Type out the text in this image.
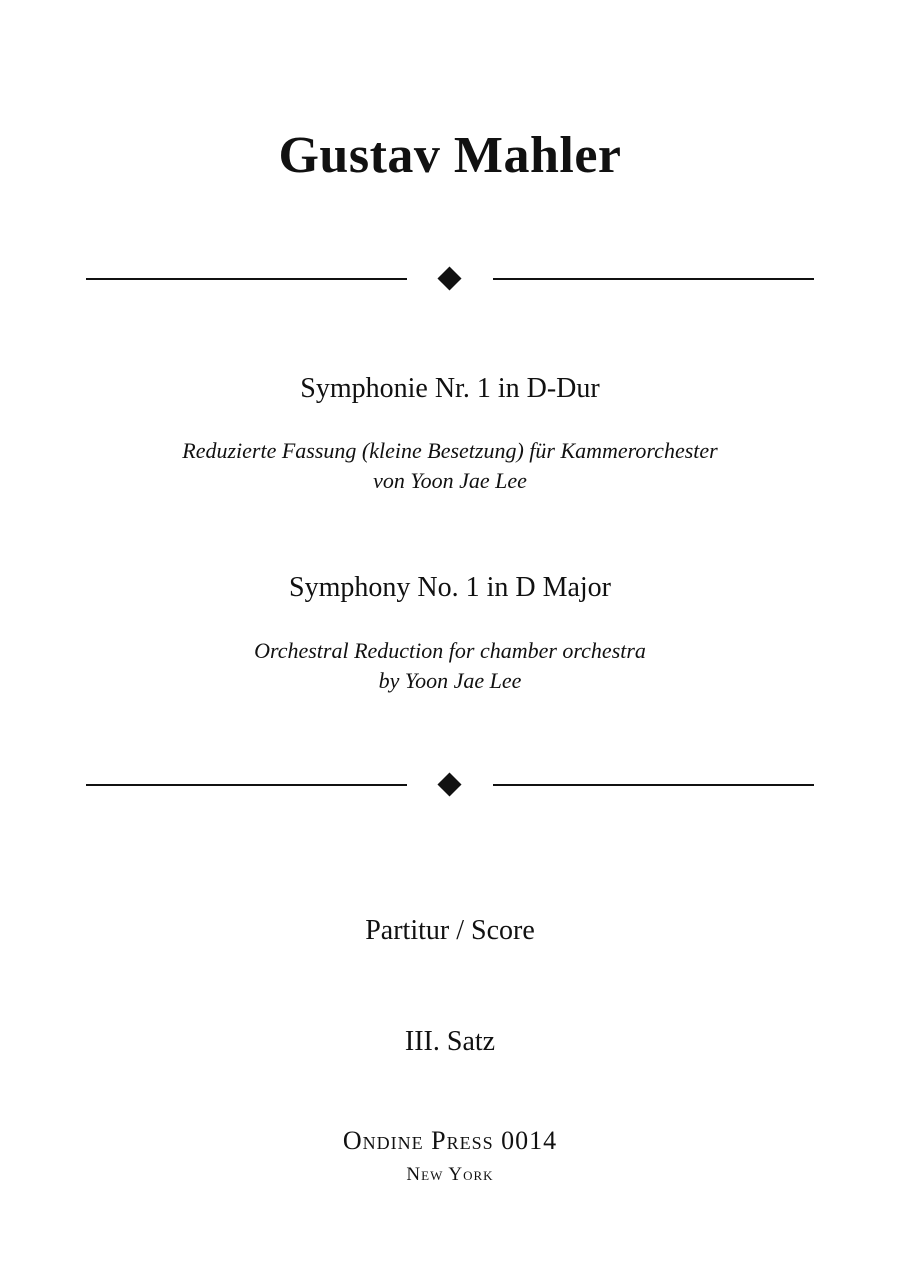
Gustav Mahler
Symphonie Nr. 1 in D-Dur
Reduzierte Fassung (kleine Besetzung) für Kammerorchester
von Yoon Jae Lee
Symphony No. 1 in D Major
Orchestral Reduction for chamber orchestra
by Yoon Jae Lee
Partitur / Score
III. Satz
Ondine Press 0014
New York
